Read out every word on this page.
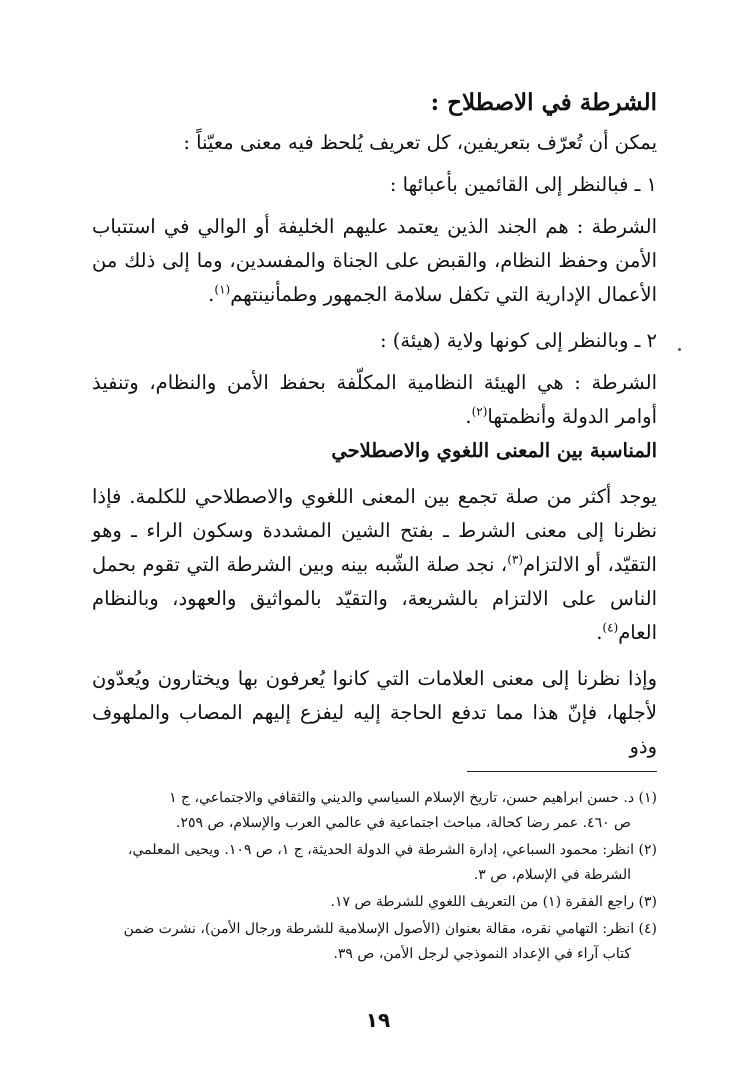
الشرطة في الاصطلاح :

يمكن أن تُعرّف بتعريفين، كل تعريف يُلحظ فيه معنى معيّناً :

١ ـ فبالنظر إلى القائمين بأعبائها :

الشرطة : هم الجند الذين يعتمد عليهم الخليفة أو الوالي في استتباب الأمن وحفظ النظام، والقبض على الجناة والمفسدين، وما إلى ذلك من الأعمال الإدارية التي تكفل سلامة الجمهور وطمأنينتهم$^{(١)}$.

٢ ـ وبالنظر إلى كونها ولاية (هيئة) :

الشرطة : هي الهيئة النظامية المكلّفة بحفظ الأمن والنظام، وتنفيذ أوامر الدولة وأنظمتها$^{(٢)}$.

المناسبة بين المعنى اللغوي والاصطلاحي

يوجد أكثر من صلة تجمع بين المعنى اللغوي والاصطلاحي للكلمة. فإذا نظرنا إلى معنى الشرط ـ بفتح الشين المشددة وسكون الراء ـ وهو التقيّد، أو الالتزام$^{(٣)}$، نجد صلة الشّبه بينه وبين الشرطة التي تقوم بحمل الناس على الالتزام بالشريعة، والتقيّد بالمواثيق والعهود، وبالنظام العام$^{(٤)}$.

وإذا نظرنا إلى معنى العلامات التي كانوا يُعرفون بها ويختارون ويُعدّون لأجلها، فإنّ هذا مما تدفع الحاجة إليه ليفزع إليهم المصاب والملهوف وذو

(١) د. حسن ابراهيم حسن، تاريخ الإسلام السياسي والديني والثقافي والاجتماعي، ج ١
ص ٤٦٠. عمر رضا كحالة، مباحث اجتماعية في عالمي العرب والإسلام، ص ٢٥٩.
(٢) انظر: محمود السباعي، إدارة الشرطة في الدولة الحديثة، ج ١، ص ١٠٩. ويحيى المعلمي،
الشرطة في الإسلام، ص ٣.
(٣) راجع الفقرة (١) من التعريف اللغوي للشرطة ص ١٧.
(٤) انظر: التهامي نقره، مقالة بعنوان (الأصول الإسلامية للشرطة ورجال الأمن)، نشرت ضمن
كتاب آراء في الإعداد النموذجي لرجل الأمن، ص ٣٩.
١٩
